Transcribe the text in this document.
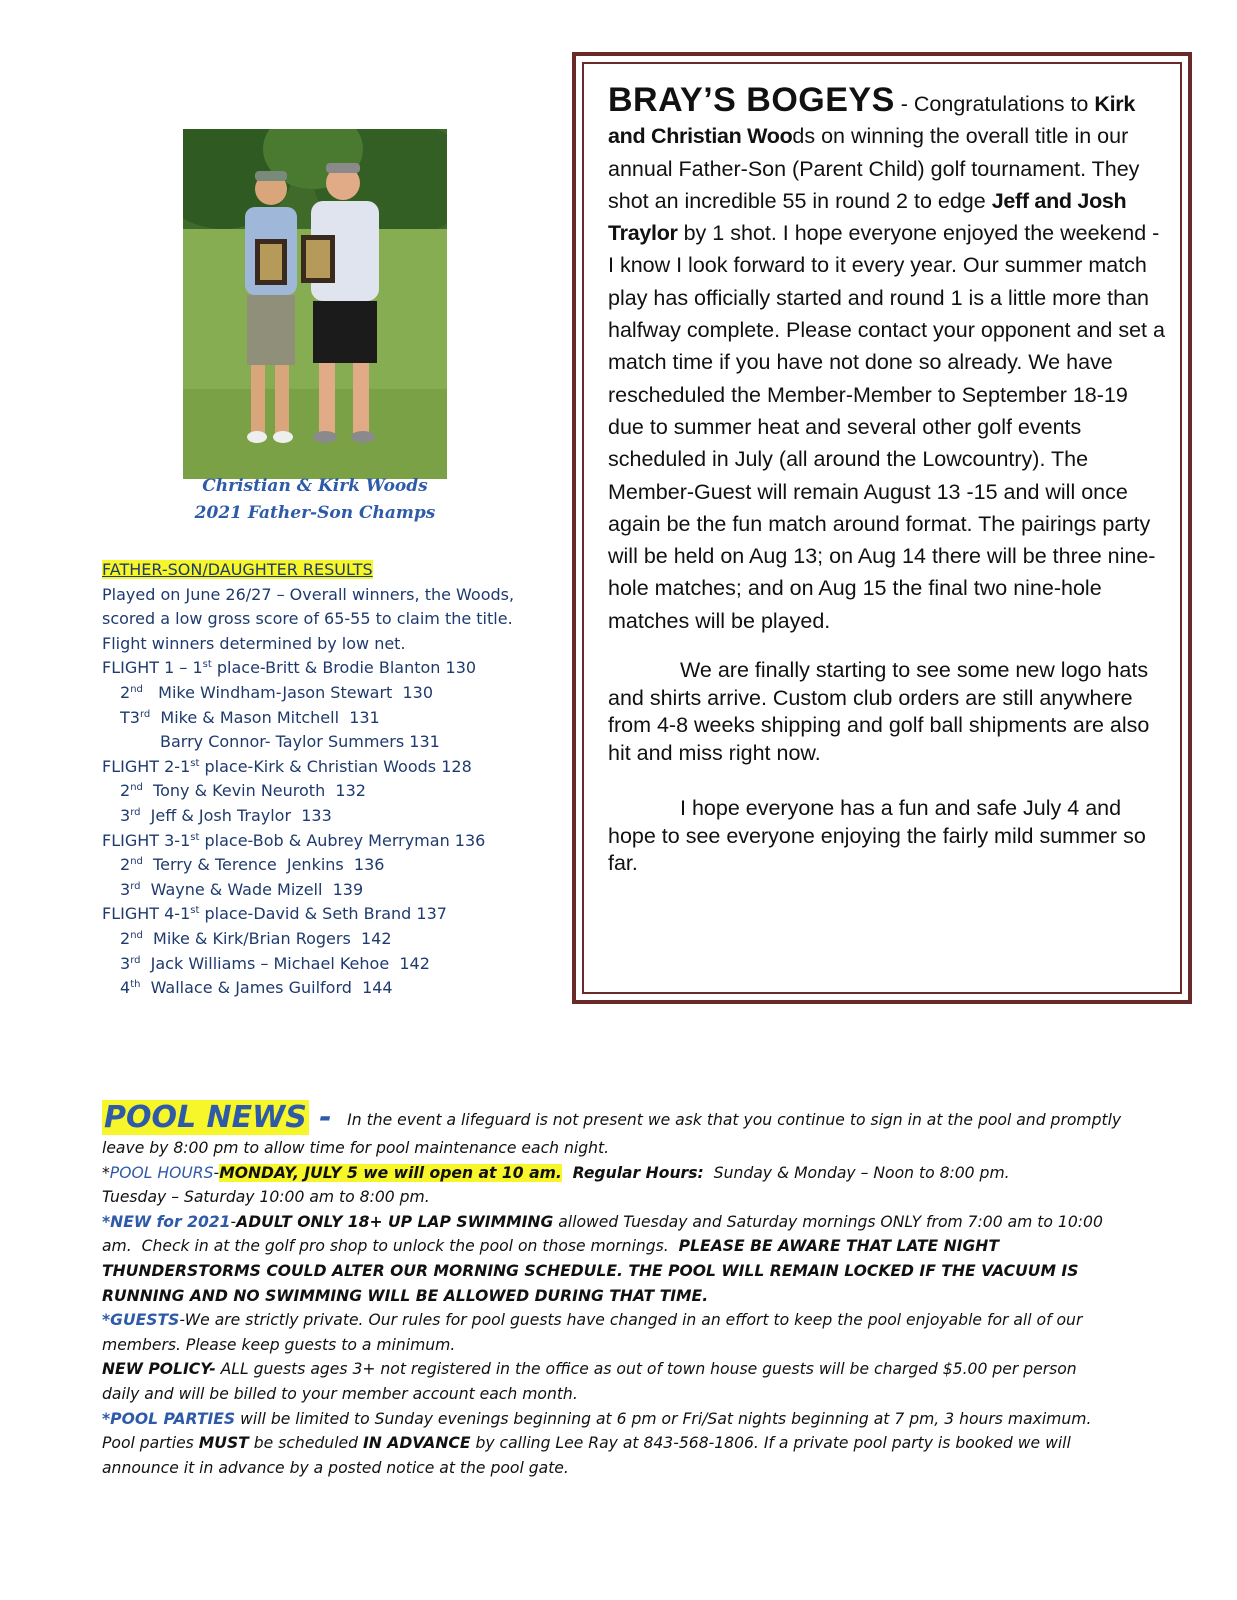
Christian & Kirk Woods
2021 Father-Son Champs
FATHER-SON/DAUGHTER RESULTS
Played on June 26/27 – Overall winners, the Woods,
scored a low gross score of 65-55 to claim the title.
Flight winners determined by low net.
FLIGHT 1 – 1st place-Britt & Brodie Blanton 130
2nd   Mike Windham-Jason Stewart  130
T3rd  Mike & Mason Mitchell  131
Barry Connor- Taylor Summers 131
FLIGHT 2-1st place-Kirk & Christian Woods 128
2nd  Tony & Kevin Neuroth  132
3rd  Jeff & Josh Traylor  133
FLIGHT 3-1st place-Bob & Aubrey Merryman 136
2nd  Terry & Terence  Jenkins  136
3rd  Wayne & Wade Mizell  139
FLIGHT 4-1st place-David & Seth Brand 137
2nd  Mike & Kirk/Brian Rogers  142
3rd  Jack Williams – Michael Kehoe  142
4th  Wallace & James Guilford  144
BRAY’S BOGEYS - Congratulations to Kirk and Christian Woods on winning the overall title in our annual Father-Son (Parent Child) golf tournament. They shot an incredible 55 in round 2 to edge Jeff and Josh Traylor by 1 shot. I hope everyone enjoyed the weekend - I know I look forward to it every year. Our summer match play has officially started and round 1 is a little more than halfway complete. Please contact your opponent and set a match time if you have not done so already. We have rescheduled the Member-Member to September 18-19 due to summer heat and several other golf events scheduled in July (all around the Lowcountry). The Member-Guest will remain August 13 -15 and will once again be the fun match around format. The pairings party will be held on Aug 13; on Aug 14 there will be three nine-hole matches; and on Aug 15 the final two nine-hole matches will be played.
We are finally starting to see some new logo hats and shirts arrive. Custom club orders are still anywhere from 4-8 weeks shipping and golf ball shipments are also hit and miss right now.
I hope everyone has a fun and safe July 4 and hope to see everyone enjoying the fairly mild summer so far.
POOL NEWS -  In the event a lifeguard is not present we ask that you continue to sign in at the pool and promptly
leave by 8:00 pm to allow time for pool maintenance each night.
*POOL HOURS-MONDAY, JULY 5 we will open at 10 am.  Regular Hours:  Sunday & Monday – Noon to 8:00 pm.
Tuesday – Saturday 10:00 am to 8:00 pm.
*NEW for 2021-ADULT ONLY 18+ UP LAP SWIMMING allowed Tuesday and Saturday mornings ONLY from 7:00 am to 10:00
am.  Check in at the golf pro shop to unlock the pool on those mornings.  PLEASE BE AWARE THAT LATE NIGHT
THUNDERSTORMS COULD ALTER OUR MORNING SCHEDULE. THE POOL WILL REMAIN LOCKED IF THE VACUUM IS
RUNNING AND NO SWIMMING WILL BE ALLOWED DURING THAT TIME.
*GUESTS-We are strictly private. Our rules for pool guests have changed in an effort to keep the pool enjoyable for all of our
members. Please keep guests to a minimum.
NEW POLICY- ALL guests ages 3+ not registered in the office as out of town house guests will be charged $5.00 per person
daily and will be billed to your member account each month.
*POOL PARTIES will be limited to Sunday evenings beginning at 6 pm or Fri/Sat nights beginning at 7 pm, 3 hours maximum.
Pool parties MUST be scheduled IN ADVANCE by calling Lee Ray at 843-568-1806. If a private pool party is booked we will
announce it in advance by a posted notice at the pool gate.
